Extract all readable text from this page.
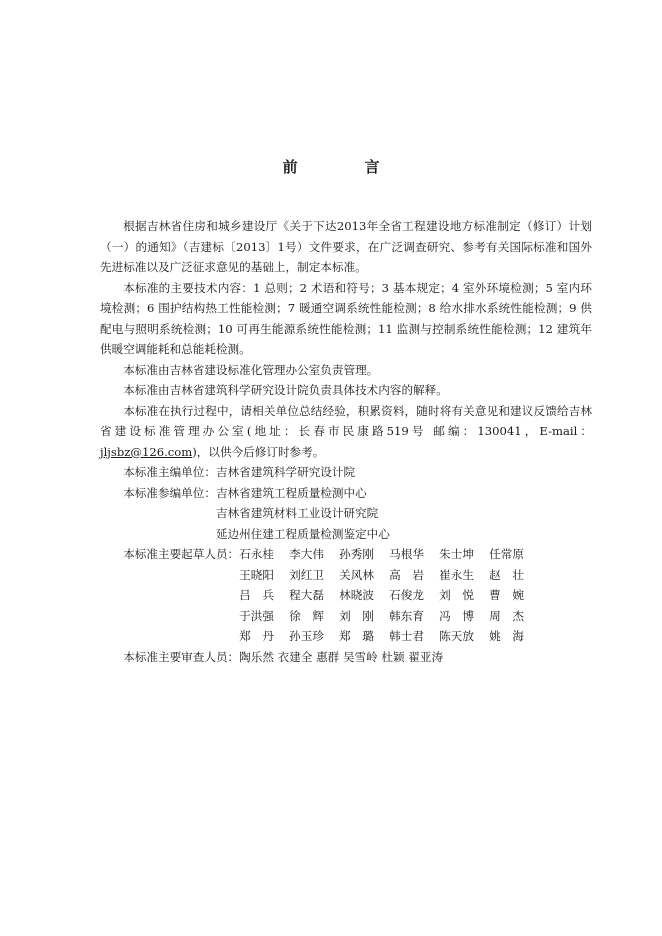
前　言

根据吉林省住房和城乡建设厅《关于下达2013年全省工程建设地方标准制定（修订）计划（一）的通知》（吉建标〔2013〕1号）文件要求，在广泛调查研究、参考有关国际标准和国外先进标准以及广泛征求意见的基础上，制定本标准。

本标准的主要技术内容：1 总则；2 术语和符号；3 基本规定；4 室外环境检测；5 室内环境检测；6 围护结构热工性能检测；7 暖通空调系统性能检测；8 给水排水系统性能检测；9 供配电与照明系统检测；10 可再生能源系统性能检测；11 监测与控制系统性能检测；12 建筑年供暖空调能耗和总能耗检测。

本标准由吉林省建设标准化管理办公室负责管理。

本标准由吉林省建筑科学研究设计院负责具体技术内容的解释。

本标准在执行过程中，请相关单位总结经验，积累资料，随时将有关意见和建议反馈给吉林省建设标准管理办公室(地址：长春市民康路519号 邮编：130041，E-mail：jljsbz@126.com)，以供今后修订时参考。

本标准主编单位： 吉林省建筑科学研究设计院
本标准参编单位： 吉林省建筑工程质量检测中心
吉林省建筑材料工业设计研究院
延边州住建工程质量检测鉴定中心
本标准主要起草人员： 石永桂	李大伟	孙秀刚	马根华	朱士坤	任常原
王晓阳	刘红卫	关风林	高　岩	崔永生	赵　壮
吕　兵	程大磊	林晓波	石俊龙	刘　悦	曹　婉
于洪强	徐　辉	刘　刚	韩东育	冯　博	周　杰
郑　丹	孙玉珍	郑　璐	韩士君	陈天放	姚　海
本标准主要审查人员： 陶乐然 衣建全 惠群 吴雪岭 杜颖 翟亚涛
